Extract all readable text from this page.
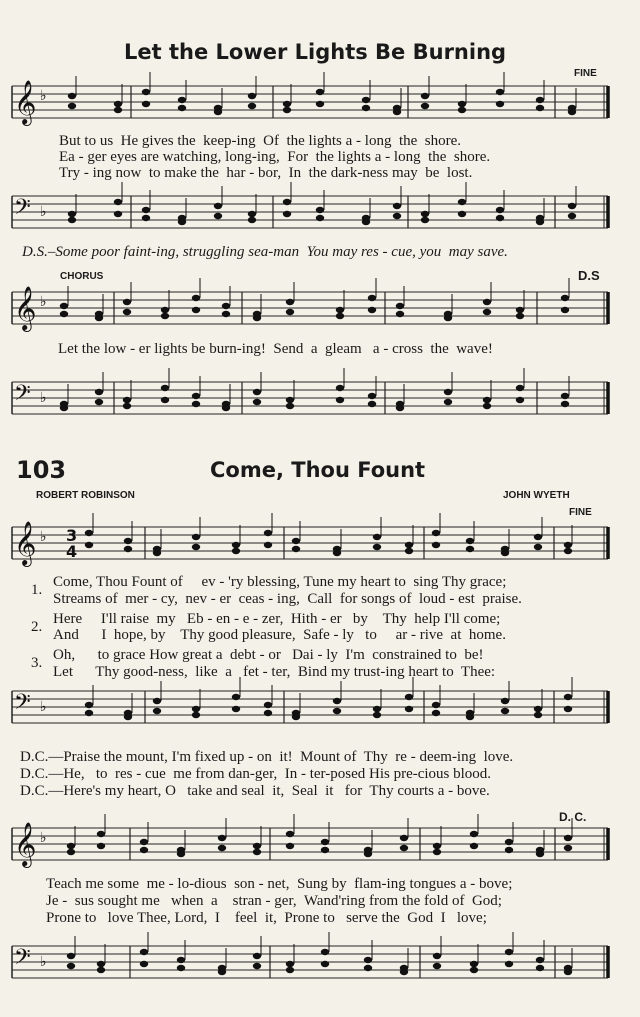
𝄞 ♭
𝄢 ♭
𝄞 ♭
𝄢 ♭
𝄞 ♭
𝄢 ♭
𝄞 ♭
𝄢 ♭
3
4
Let the Lower Lights Be Burning
FINE
But to us  He gives the  keep-ing  Of  the lights a - long  the  shore.
Ea - ger eyes are watching, long-ing,  For  the lights a - long  the  shore.
Try - ing now  to make the  har - bor,  In  the dark-ness may  be  lost.
D.S.–Some poor faint-ing, struggling sea-man  You may res - cue, you  may save.
CHORUS	D.S
Let the low - er lights be burn-ing!  Send  a  gleam   a - cross  the  wave!
103	Come, Thou Fount
ROBERT ROBINSON	JOHN WYETH
FINE
1.
2.
3.
Come, Thou Fount of     ev - 'ry blessing, Tune my heart to  sing Thy grace;
Streams of  mer - cy,  nev - er  ceas - ing,  Call  for songs of  loud - est  praise.
Here     I'll raise  my   Eb - en - e - zer,  Hith - er   by    Thy  help I'll come;
And      I  hope, by    Thy good pleasure,  Safe - ly   to     ar - rive  at  home.
Oh,      to grace How great a  debt - or   Dai - ly  I'm  constrained to  be!
Let      Thy good-ness,  like  a   fet - ter,  Bind my trust-ing heart to  Thee:
D.C.—Praise the mount, I'm fixed up - on  it!  Mount of  Thy  re - deem-ing  love.
D.C.—He,   to  res - cue  me from dan-ger,  In - ter-posed His pre-cious blood.
D.C.—Here's my heart, O   take and seal  it,  Seal  it   for  Thy courts a - bove.
D. C.
Teach me some  me - lo-dious  son - net,  Sung by  flam-ing tongues a - bove;
Je -  sus sought me   when  a    stran - ger,  Wand'ring from the fold of  God;
Prone to   love Thee, Lord,  I    feel  it,  Prone to   serve the  God  I   love;
